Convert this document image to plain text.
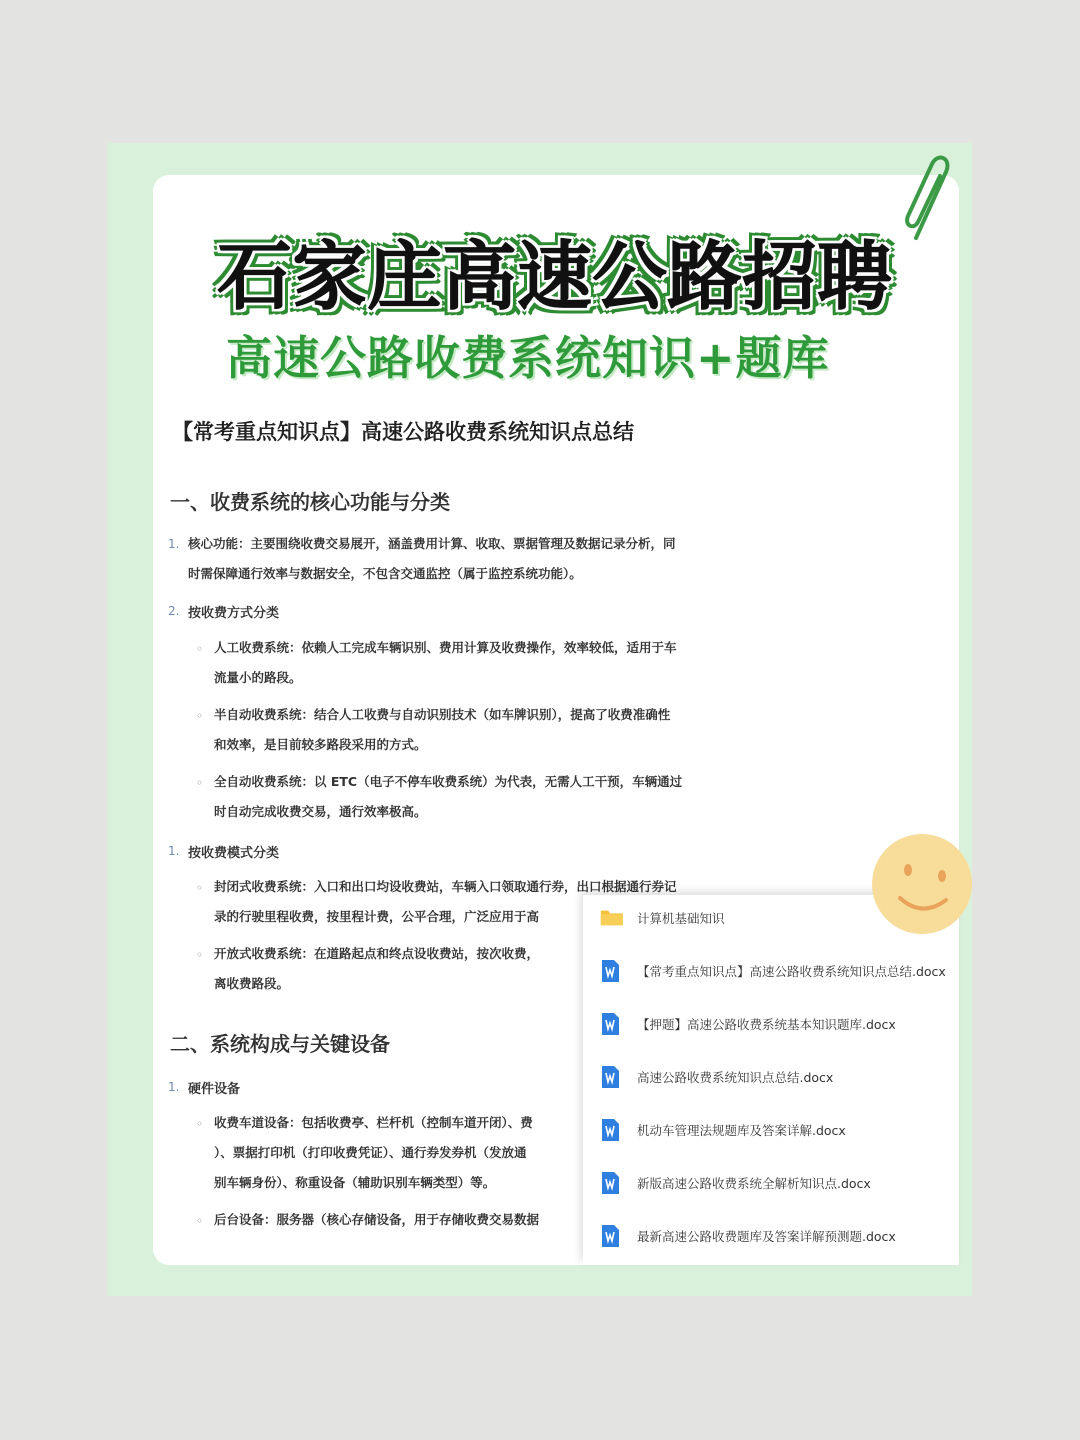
石家庄高速公路招聘
高速公路收费系统知识+题库
【常考重点知识点】高速公路收费系统知识点总结
一、收费系统的核心功能与分类
1. 核心功能：主要围绕收费交易展开，涵盖费用计算、收取、票据管理及数据记录分析，同
时需保障通行效率与数据安全，不包含交通监控（属于监控系统功能）。
2. 按收费方式分类
◦ 人工收费系统：依赖人工完成车辆识别、费用计算及收费操作，效率较低，适用于车
流量小的路段。
◦ 半自动收费系统：结合人工收费与自动识别技术（如车牌识别），提高了收费准确性
和效率，是目前较多路段采用的方式。
◦ 全自动收费系统：以 ETC（电子不停车收费系统）为代表，无需人工干预，车辆通过
时自动完成收费交易，通行效率极高。
1. 按收费模式分类
◦ 封闭式收费系统：入口和出口均设收费站，车辆入口领取通行券，出口根据通行券记
录的行驶里程收费，按里程计费，公平合理，广泛应用于高
◦ 开放式收费系统：在道路起点和终点设收费站，按次收费，
离收费路段。
二、系统构成与关键设备
1. 硬件设备
◦ 收费车道设备：包括收费亭、栏杆机（控制车道开闭）、费
）、票据打印机（打印收费凭证）、通行券发券机（发放通
别车辆身份）、称重设备（辅助识别车辆类型）等。
◦ 后台设备：服务器（核心存储设备，用于存储收费交易数据
计算机基础知识
【常考重点知识点】高速公路收费系统知识点总结.docx
【押题】高速公路收费系统基本知识题库.docx
高速公路收费系统知识点总结.docx
机动车管理法规题库及答案详解.docx
新版高速公路收费系统全解析知识点.docx
最新高速公路收费题库及答案详解预测题.docx
